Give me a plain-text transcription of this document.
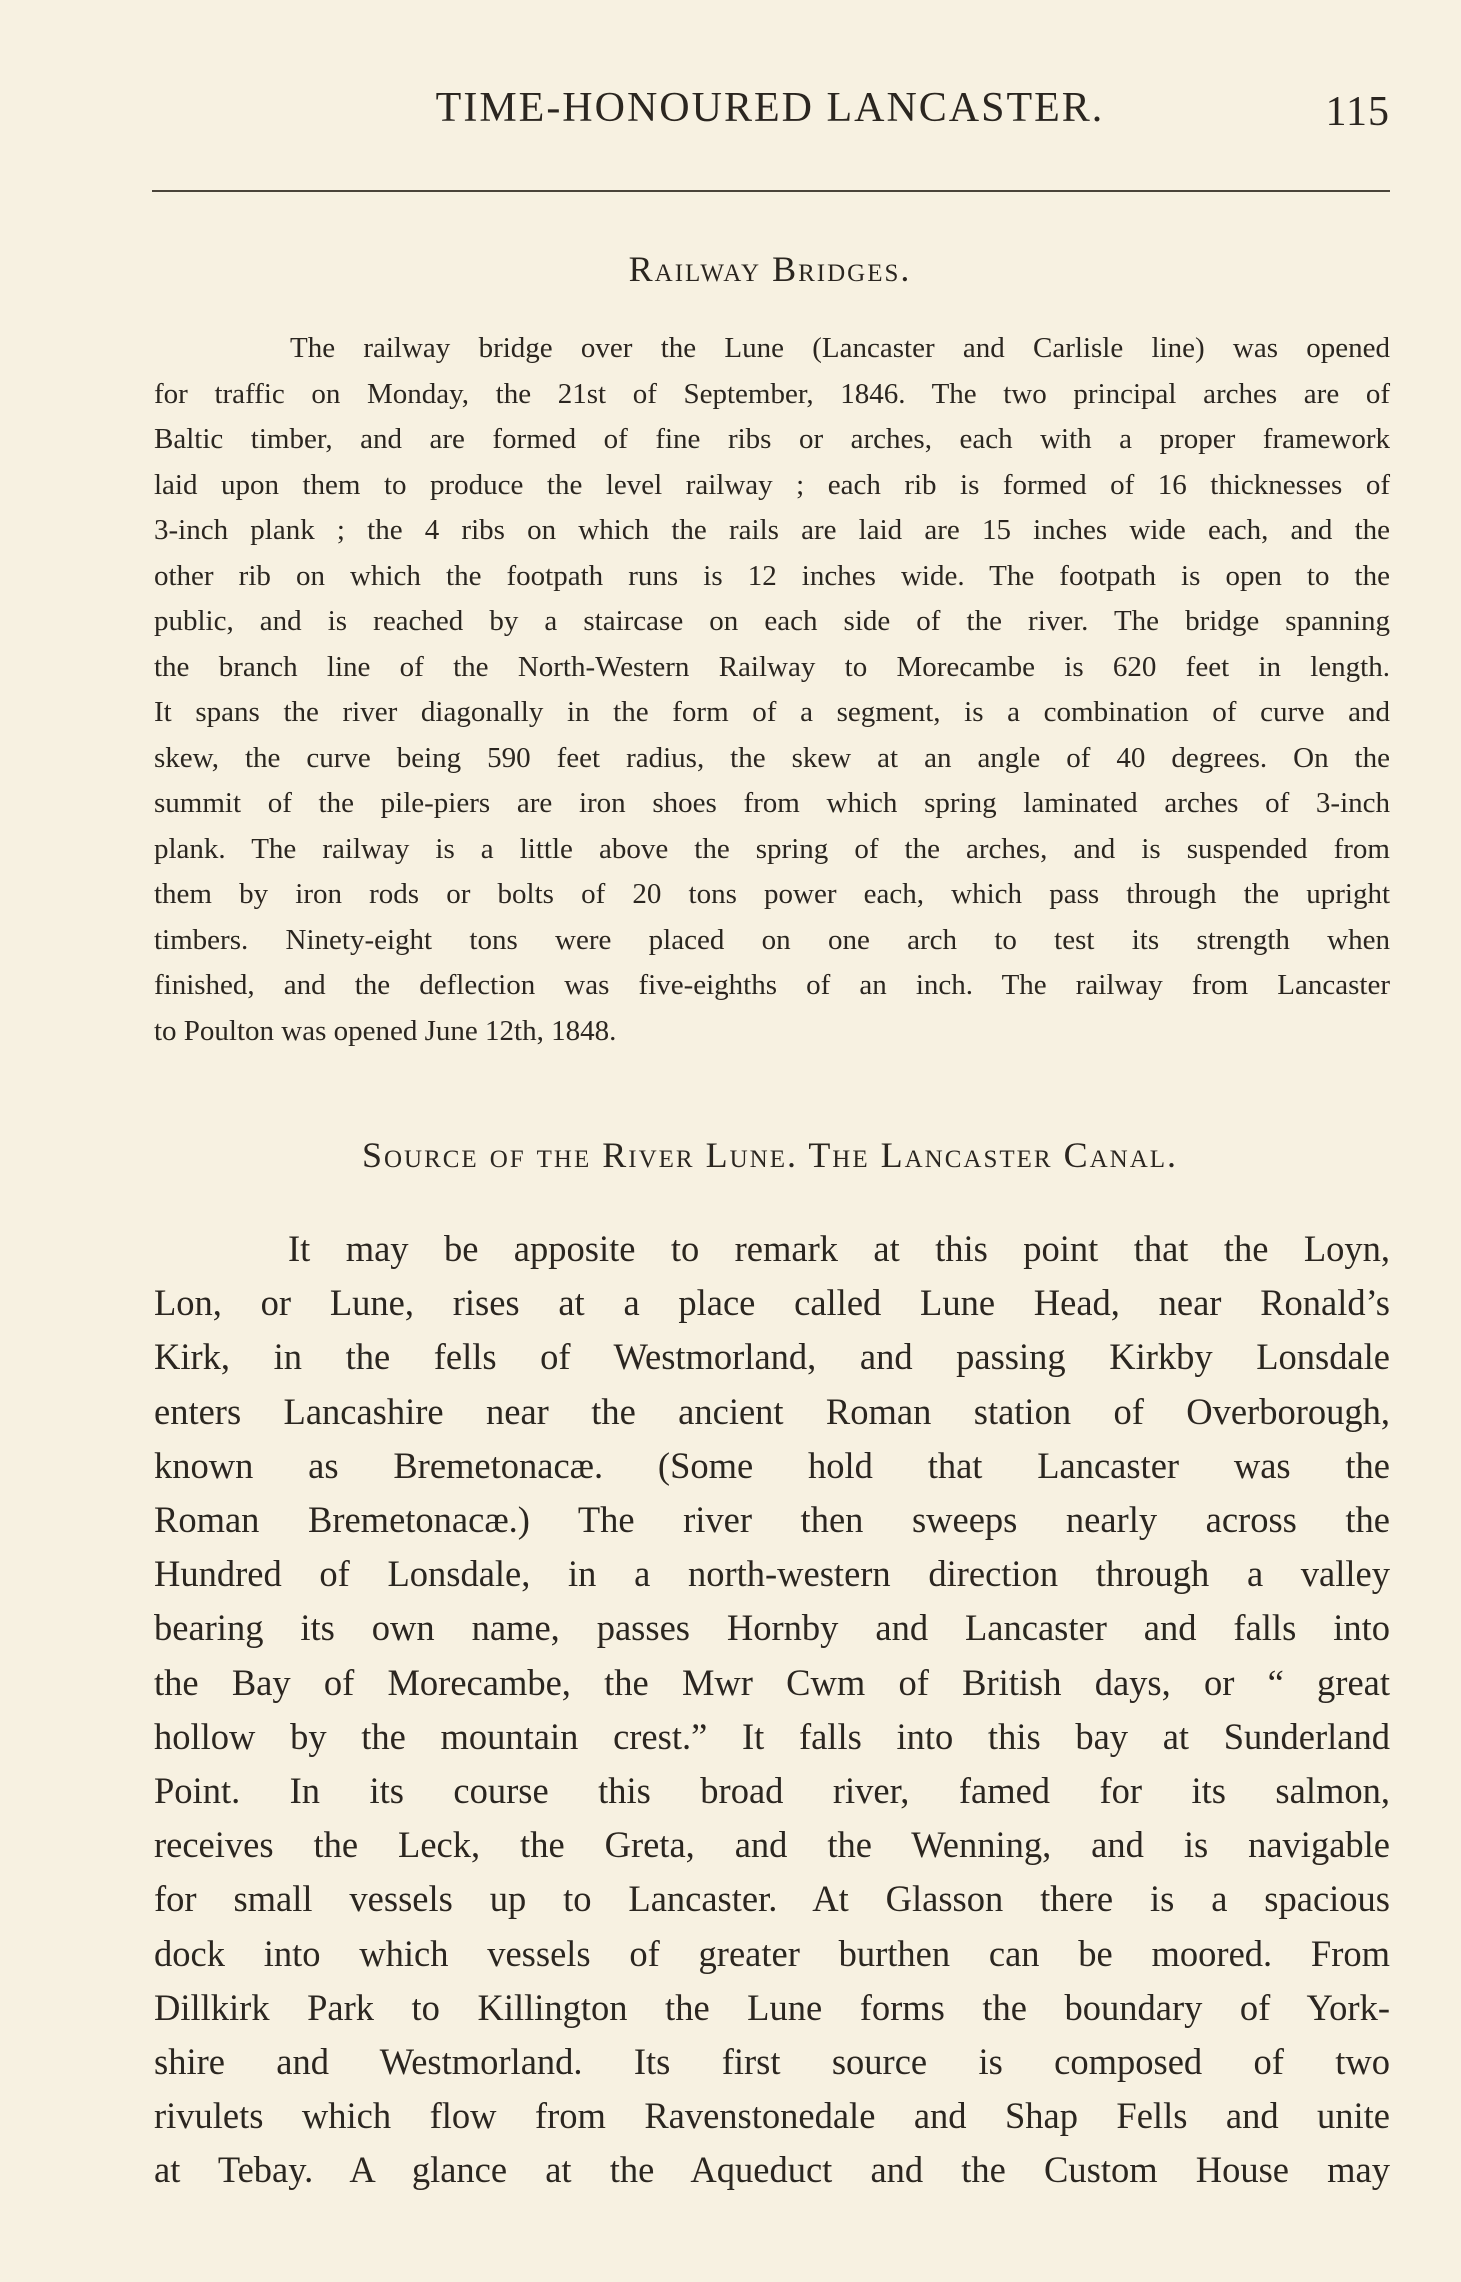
TIME-HONOURED LANCASTER.	115
Railway Bridges.
The railway bridge over the Lune (Lancaster and Carlisle line) was opened
for traffic on Monday, the 21st of September, 1846. The two principal arches are of
Baltic timber, and are formed of fine ribs or arches, each with a proper framework
laid upon them to produce the level railway ; each rib is formed of 16 thicknesses of
3-inch plank ; the 4 ribs on which the rails are laid are 15 inches wide each, and the
other rib on which the footpath runs is 12 inches wide. The footpath is open to the
public, and is reached by a staircase on each side of the river. The bridge spanning
the branch line of the North-Western Railway to Morecambe is 620 feet in length.
It spans the river diagonally in the form of a segment, is a combination of curve and
skew, the curve being 590 feet radius, the skew at an angle of 40 degrees. On the
summit of the pile-piers are iron shoes from which spring laminated arches of 3-inch
plank. The railway is a little above the spring of the arches, and is suspended from
them by iron rods or bolts of 20 tons power each, which pass through the upright
timbers. Ninety-eight tons were placed on one arch to test its strength when
finished, and the deflection was five-eighths of an inch. The railway from Lancaster
to Poulton was opened June 12th, 1848.
Source of the River Lune. The Lancaster Canal.
It may be apposite to remark at this point that the Loyn,
Lon, or Lune, rises at a place called Lune Head, near Ronald’s
Kirk, in the fells of Westmorland, and passing Kirkby Lonsdale
enters Lancashire near the ancient Roman station of Overborough,
known as Bremetonacæ. (Some hold that Lancaster was the
Roman Bremetonacæ.) The river then sweeps nearly across the
Hundred of Lonsdale, in a north-western direction through a valley
bearing its own name, passes Hornby and Lancaster and falls into
the Bay of Morecambe, the Mwr Cwm of British days, or “ great
hollow by the mountain crest.” It falls into this bay at Sunderland
Point. In its course this broad river, famed for its salmon,
receives the Leck, the Greta, and the Wenning, and is navigable
for small vessels up to Lancaster. At Glasson there is a spacious
dock into which vessels of greater burthen can be moored. From
Dillkirk Park to Killington the Lune forms the boundary of York-
shire and Westmorland. Its first source is composed of two
rivulets which flow from Ravenstonedale and Shap Fells and unite
at Tebay. A glance at the Aqueduct and the Custom House may
